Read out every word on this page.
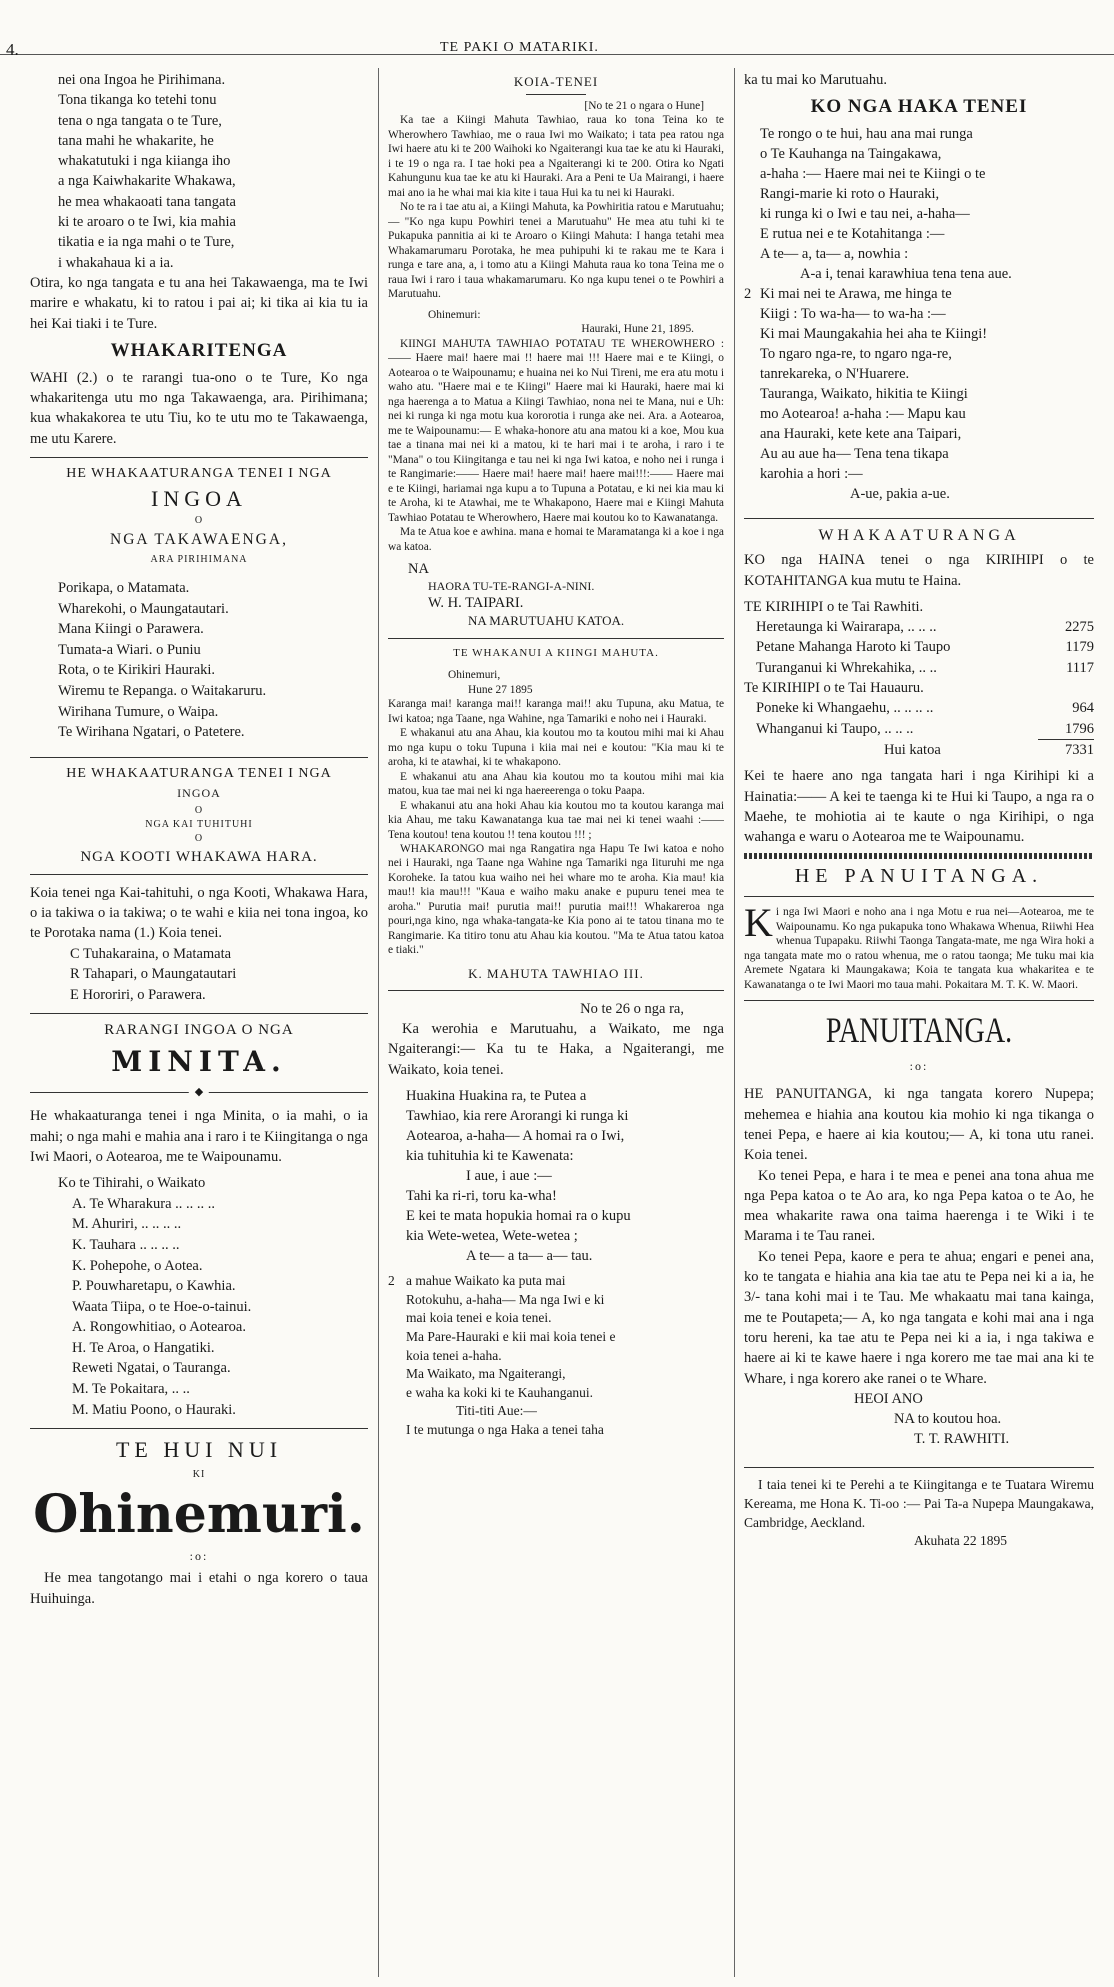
4.	TE PAKI O MATARIKI.
nei ona Ingoa he Pirihimana.
Tona tikanga ko tetehi tonu
tena o nga tangata o te Ture,
tana mahi he whakarite, he
whakatutuki i nga kiianga iho
a nga Kaiwhakarite Whakawa,
he mea whakaoati tana tangata
ki te aroaro o te Iwi, kia mahia
tikatia e ia nga mahi o te Ture,
i whakahaua ki a ia.

Otira, ko nga tangata e tu ana hei Takawaenga, ma te Iwi marire e whakatu, ki to ratou i pai ai; ki tika ai kia tu ia hei Kai tiaki i te Ture.

WHAKARITENGA

WAHI (2.) o te rarangi tua-ono o te Ture, Ko nga whakaritenga utu mo nga Takawaenga, ara. Pirihimana; kua whakakorea te utu Tiu, ko te utu mo te Takawaenga, me utu Karere.

HE WHAKAATURANGA TENEI I NGA
INGOA
O
NGA TAKAWAENGA,
ARA PIRIHIMANA
Porikapa, o Matamata.
Wharekohi, o Maungatautari.
Mana Kiingi o Parawera.
Tumata-a Wiari. o Puniu
Rota, o te Kirikiri Hauraki.
Wiremu te Repanga. o Waitakaruru.
Wirihana Tumure, o Waipa.
Te Wirihana Ngatari, o Patetere.
HE WHAKAATURANGA TENEI I NGA
INGOA
O
NGA KAI TUHITUHI
O
NGA KOOTI WHAKAWA HARA.

Koia tenei nga Kai-tahituhi, o nga Kooti, Whakawa Hara, o ia takiwa o ia takiwa; o te wahi e kiia nei tona ingoa, ko te Porotaka nama (1.) Koia tenei.

C Tuhakaraina, o Matamata
R Tahapari, o Maungatautari
E Hororiri, o Parawera.
RARANGI INGOA O NGA
MINITA.
◆

He whakaaturanga tenei i nga Minita, o ia mahi, o ia mahi; o nga mahi e mahia ana i raro i te Kiingitanga o nga Iwi Maori, o Aotearoa, me te Waipounamu.

Ko te Tihirahi, o Waikato
A. Te Wharakura .. .. .. ..
M. Ahuriri, .. .. .. ..
K. Tauhara .. .. .. ..
K. Pohepohe, o Aotea.
P. Pouwharetapu, o Kawhia.
Waata Tiipa, o te Hoe-o-tainui.
A. Rongowhitiao, o Aotearoa.
H. Te Aroa, o Hangatiki.
Reweti Ngatai, o Tauranga.
M. Te Pokaitara, .. ..
M. Matiu Poono, o Hauraki.
TE HUI NUI
KI
Ohinemuri.
:o:

He mea tangotango mai i etahi o nga korero o taua Huihuinga.

KOIA-TENEI
[No te 21 o ngara o Hune]

Ka tae a Kiingi Mahuta Tawhiao, raua ko tona Teina ko te Wherowhero Tawhiao, me o raua Iwi mo Waikato; i tata pea ratou nga Iwi haere atu ki te 200 Waihoki ko Ngaiterangi kua tae ke atu ki Hauraki, i te 19 o nga ra. I tae hoki pea a Ngaiterangi ki te 200. Otira ko Ngati Kahungunu kua tae ke atu ki Hauraki. Ara a Peni te Ua Mairangi, i haere mai ano ia he whai mai kia kite i taua Hui ka tu nei ki Hauraki.

No te ra i tae atu ai, a Kiingi Mahuta, ka Powhiritia ratou e Marutuahu;— "Ko nga kupu Powhiri tenei a Marutuahu" He mea atu tuhi ki te Pukapuka pannitia ai ki te Aroaro o Kiingi Mahuta: I hanga tetahi mea Whakamarumaru Porotaka, he mea puhipuhi ki te rakau me te Kara i runga e tare ana, a, i tomo atu a Kiingi Mahuta raua ko tona Teina me o raua Iwi i raro i taua whakamarumaru. Ko nga kupu tenei o te Powhiri a Marutuahu.

Ohinemuri:
Hauraki, Hune 21, 1895.

KIINGI MAHUTA TAWHIAO POTATAU TE WHEROWHERO :—— Haere mai! haere mai !! haere mai !!! Haere mai e te Kiingi, o Aotearoa o te Waipounamu; e huaina nei ko Nui Tireni, me era atu motu i waho atu. "Haere mai e te Kiingi" Haere mai ki Hauraki, haere mai ki nga haerenga a to Matua a Kiingi Tawhiao, nona nei te Mana, nui e Uh: nei ki runga ki nga motu kua kororotia i runga ake nei. Ara. a Aotearoa, me te Waipounamu:— E whaka-honore atu ana matou ki a koe, Mou kua tae a tinana mai nei ki a matou, ki te hari mai i te aroha, i raro i te "Mana" o tou Kiingitanga e tau nei ki nga Iwi katoa, e noho nei i runga i te Rangimarie:—— Haere mai! haere mai! haere mai!!!:—— Haere mai e te Kiingi, hariamai nga kupu a to Tupuna a Potatau, e ki nei kia mau ki te Aroha, ki te Atawhai, me te Whakapono, Haere mai e Kiingi Mahuta Tawhiao Potatau te Wherowhero, Haere mai koutou ko to Kawanatanga.

Ma te Atua koe e awhina. mana e homai te Maramatanga ki a koe i nga wa katoa.

NA
HAORA TU-TE-RANGI-A-NINI.
W. H. TAIPARI.
NA MARUTUAHU KATOA.
TE WHAKANUI A KIINGI MAHUTA.
Ohinemuri,
Hune 27 1895

Karanga mai! karanga mai!! karanga mai!! aku Tupuna, aku Matua, te Iwi katoa; nga Taane, nga Wahine, nga Tamariki e noho nei i Hauraki.

E whakanui atu ana Ahau, kia koutou mo ta koutou mihi mai ki Ahau mo nga kupu o toku Tupuna i kiia mai nei e koutou: "Kia mau ki te aroha, ki te atawhai, ki te whakapono.

E whakanui atu ana Ahau kia koutou mo ta koutou mihi mai kia matou, kua tae mai nei ki nga haereerenga o toku Paapa.

E whakanui atu ana hoki Ahau kia koutou mo ta koutou karanga mai kia Ahau, me taku Kawanatanga kua tae mai nei ki tenei waahi :—— Tena koutou! tena koutou !! tena koutou !!! ;

WHAKARONGO mai nga Rangatira nga Hapu Te Iwi katoa e noho nei i Hauraki, nga Taane nga Wahine nga Tamariki nga Iituruhi me nga Koroheke. Ia tatou kua waiho nei hei whare mo te aroha. Kia mau! kia mau!! kia mau!!! "Kaua e waiho maku anake e pupuru tenei mea te aroha." Purutia mai! purutia mai!! purutia mai!!! Whakareroa nga pouri,nga kino, nga whaka-tangata-ke Kia pono ai te tatou tinana mo te Rangimarie. Ka titiro tonu atu Ahau kia koutou. "Ma te Atua tatou katoa e tiaki."

K. MAHUTA TAWHIAO III.
No te 26 o nga ra,

Ka werohia e Marutuahu, a Waikato, me nga Ngaiterangi:— Ka tu te Haka, a Ngaiterangi, me Waikato, koia tenei.

Huakina Huakina ra, te Putea a
Tawhiao, kia rere Arorangi ki runga ki
Aotearoa, a-haha— A homai ra o Iwi,
kia tuhituhia ki te Kawenata:
I aue, i aue :—
Tahi ka ri-ri, toru ka-wha!
E kei te mata hopukia homai ra o kupu
kia Wete-wetea, Wete-wetea ;
A te— a ta— a— tau.
2 a mahue Waikato ka puta mai
Rotokuhu, a-haha— Ma nga Iwi e ki
mai koia tenei e koia tenei.
Ma Pare-Hauraki e kii mai koia tenei e
koia tenei a-haha.
Ma Waikato, ma Ngaiterangi,
e waha ka koki ki te Kauhanganui.
Titi-titi Aue:—
I te mutunga o nga Haka a tenei taha
ka tu mai ko Marutuahu.
KO NGA HAKA TENEI
Te rongo o te hui, hau ana mai runga
o Te Kauhanga na Taingakawa,
a-haha :— Haere mai nei te Kiingi o te
Rangi-marie ki roto o Hauraki,
ki runga ki o Iwi e tau nei, a-haha—
E rutua nei e te Kotahitanga :—
A te— a, ta— a, nowhia :
A-a i, tenai karawhiua tena tena aue.
2 Ki mai nei te Arawa, me hinga te
Kiigi : To wa-ha— to wa-ha :—
Ki mai Maungakahia hei aha te Kiingi!
To ngaro nga-re, to ngaro nga-re,
tanrekareka, o N'Huarere.
Tauranga, Waikato, hikitia te Kiingi
mo Aotearoa! a-haha :— Mapu kau
ana Hauraki, kete kete ana Taipari,
Au au aue ha— Tena tena tikapa
karohia a hori :—
A-ue, pakia a-ue.
WHAKAATURANGA

KO nga HAINA tenei o nga KIRIHIPI o te KOTAHITANGA kua mutu te Haina.

TE KIRIHIPI o te Tai Rawhiti.
Heretaunga ki Wairarapa, .. .. ..	2275
Petane Mahanga Haroto ki Taupo	1179
Turanganui ki Whrekahika, .. ..	1117
Te KIRIHIPI o te Tai Hauauru.
Poneke ki Whangaehu, .. .. .. ..	964
Whanganui ki Taupo, .. .. ..	1796
Hui katoa	7331

Kei te haere ano nga tangata hari i nga Kirihipi ki a Hainatia:—— A kei te taenga ki te Hui ki Taupo, a nga ra o Maehe, te mohiotia ai te kaute o nga Kirihipi, o nga wahanga e waru o Aotearoa me te Waipounamu.

HE PANUITANGA.
K i nga Iwi Maori e noho ana i nga Motu e rua nei—Aotearoa, me te Waipounamu. Ko nga pukapuka tono Whakawa Whenua, Riiwhi Hea whenua Tupapaku. Riiwhi Taonga Tangata-mate, me nga Wira hoki a nga tangata mate mo o ratou whenua, me o ratou taonga; Me tuku mai kia Aremete Ngatara ki Maungakawa; Koia te tangata kua whakaritea e te Kawanatanga o te Iwi Maori mo taua mahi. Pokaitara M. T. K. W. Maori.
PANUITANGA.
:o:

HE PANUITANGA, ki nga tangata korero Nupepa; mehemea e hiahia ana koutou kia mohio ki nga tikanga o tenei Pepa, e haere ai kia koutou;— A, ki tona utu ranei. Koia tenei.

Ko tenei Pepa, e hara i te mea e penei ana tona ahua me nga Pepa katoa o te Ao ara, ko nga Pepa katoa o te Ao, he mea whakarite rawa ona taima haerenga i te Wiki i te Marama i te Tau ranei.

Ko tenei Pepa, kaore e pera te ahua; engari e penei ana, ko te tangata e hiahia ana kia tae atu te Pepa nei ki a ia, he 3/- tana kohi mai i te Tau. Me whakaatu mai tana kainga, me te Poutapeta;— A, ko nga tangata e kohi mai ana i nga toru hereni, ka tae atu te Pepa nei ki a ia, i nga takiwa e haere ai ki te kawe haere i nga korero me tae mai ana ki te Whare, i nga korero ake ranei o te Whare.

HEOI ANO
NA to koutou hoa.
T. T. RAWHITI.

I taia tenei ki te Perehi a te Kiingitanga e te Tuatara Wiremu Kereama, me Hona K. Ti-oo :— Pai Ta-a Nupepa Maungakawa, Cambridge, Aeckland.

Akuhata 22 1895
